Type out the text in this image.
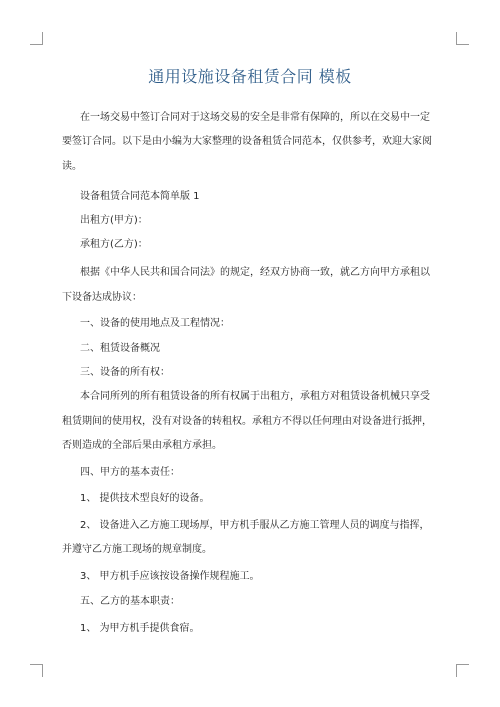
通用设施设备租赁合同 模板
在一场交易中签订合同对于这场交易的安全是非常有保障的，所以在交易中一定
要签订合同。以下是由小编为大家整理的设备租赁合同范本，仅供参考，欢迎大家阅
读。
设备租赁合同范本简单版 1
出租方(甲方)：
承租方(乙方)：
根据《中华人民共和国合同法》的规定，经双方协商一致，就乙方向甲方承租以
下设备达成协议：
一、设备的使用地点及工程情况：
二、租赁设备概况
三、设备的所有权：
本合同所列的所有租赁设备的所有权属于出租方，承租方对租赁设备机械只享受
租赁期间的使用权，没有对设备的转租权。承租方不得以任何理由对设备进行抵押，
否则造成的全部后果由承租方承担。
四、甲方的基本责任：
1、 提供技术型良好的设备。
2、 设备进入乙方施工现场厚，甲方机手服从乙方施工管理人员的调度与指挥，
并遵守乙方施工现场的规章制度。
3、 甲方机手应该按设备操作规程施工。
五、乙方的基本职责：
1、 为甲方机手提供食宿。
